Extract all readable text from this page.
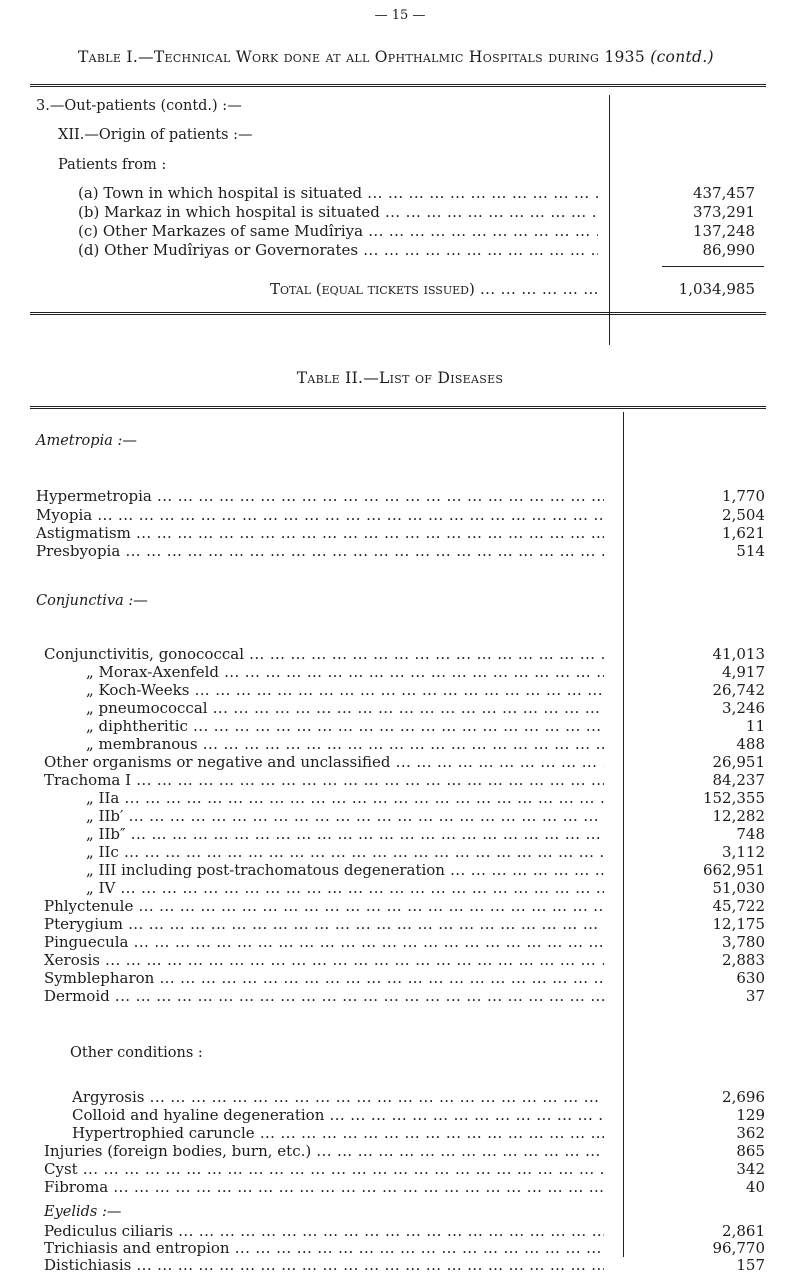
— 15 —
Table I.—Technical Work done at all Ophthalmic Hospitals during 1935 (contd.)
3.—Out-patients (contd.) :—
XII.—Origin of patients :—
Patients from :
(a) Town in which hospital is situated ... .	437,457
(b) Markaz in which hospital is situated ... .	373,291
(c) Other Markazes of same Mudîriya ... .	137,248
(d) Other Mudîriyas or Governorates ... .	86,990
Total (equal tickets issued) ... .	1,034,985
Table II.—List of Diseases
Ametropia :—
Hypermetropia ... .	1,770
Myopia ... .	2,504
Astigmatism ... .	1,621
Presbyopia ... .	514
Conjunctiva :—
Conjunctivitis, gonococcal ... .	41,013
„ Morax-Axenfeld ... .	4,917
„ Koch-Weeks ... .	26,742
„ pneumococcal ... .	3,246
„ diphtheritic ... .	11
„ membranous ... .	488
Other organisms or negative and unclassified ... .	26,951
Trachoma I ... .	84,237
„ IIa ... .	152,355
„ IIb′ ... .	12,282
„ IIb″ ... .	748
„ IIc ... .	3,112
„ III including post-trachomatous degeneration ... .	662,951
„ IV ... .	51,030
Phlyctenule ... .	45,722
Pterygium ... .	12,175
Pinguecula ... .	3,780
Xerosis ... .	2,883
Symblepharon ... .	630
Dermoid ... .	37
Other conditions :
Argyrosis ... .	2,696
Colloid and hyaline degeneration ... .	129
Hypertrophied caruncle ... .	362
Injuries (foreign bodies, burn, etc.) ... .	865
Cyst ... .	342
Fibroma ... .	40
Eyelids :—
Pediculus ciliaris ... .	2,861
Trichiasis and entropion ... .	96,770
Distichiasis ... .	157
